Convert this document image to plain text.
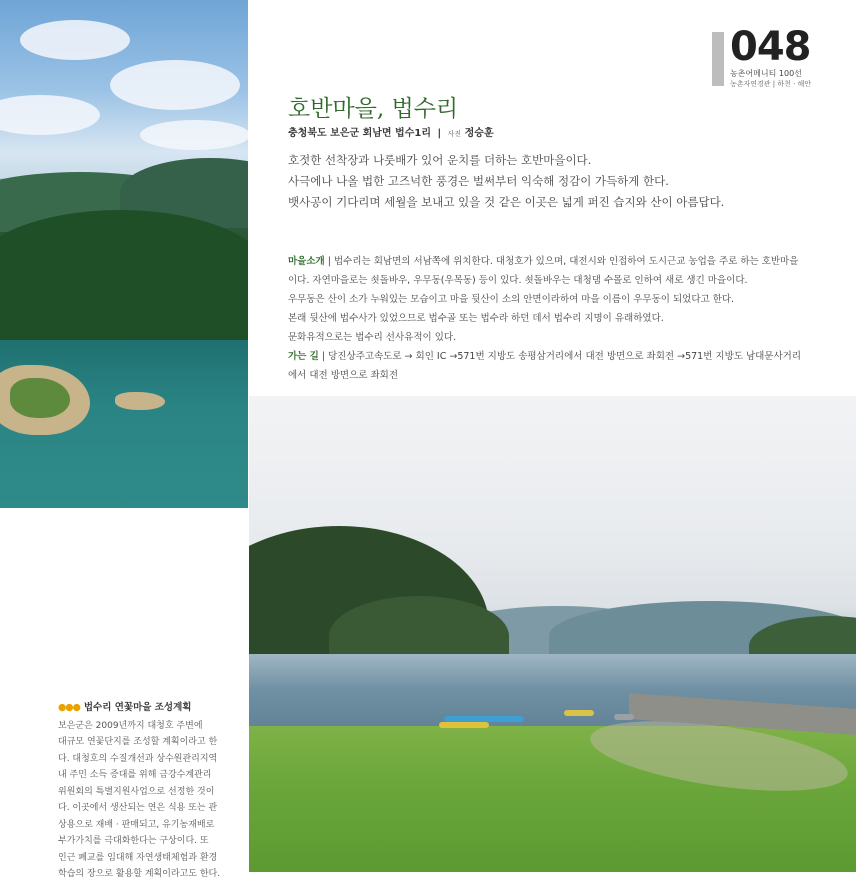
048
농촌어메니티 100선
농촌자연경관 | 하천 · 해안
호반마을, 법수리
충청북도 보은군 회남면 법수1리 | 사진 정승훈

호젓한 선착장과 나룻배가 있어 운치를 더하는 호반마을이다.

사극에나 나올 법한 고즈넉한 풍경은 벌써부터 익숙해 정감이 가득하게 한다.

뱃사공이 기다리며 세월을 보내고 있을 것 같은 이곳은 넓게 퍼진 습지와 산이 아름답다.

마을소개 | 법수리는 회남면의 서남쪽에 위치한다. 대청호가 있으며, 대전시와 인접하여 도시근교 농업을 주로 하는 호반마을

이다. 자연마을로는 쇳돌바우, 우무동(우목동) 등이 있다. 쇳돌바우는 대청댐 수몰로 인하여 새로 생긴 마을이다.

우무동은 산이 소가 누워있는 모습이고 마을 뒷산이 소의 안면이라하여 마을 이름이 우무동이 되었다고 한다.

본래 뒷산에 법수사가 있었으므로 법수골 또는 법수라 하던 데서 법수리 지명이 유래하였다.

문화유적으로는 법수리 선사유적이 있다.

가는 길 | 당진상주고속도로 → 회인 IC →571번 지방도 송평삼거리에서 대전 방면으로 좌회전 →571번 지방도 남대문사거리

에서 대전 방면으로 좌회전

●●● 법수리 연꽃마을 조성계획

보은군은 2009년까지 대청호 주변에

대규모 연꽃단지를 조성할 계획이라고 한

다. 대청호의 수질개선과 상수원관리지역

내 주민 소득 증대를 위해 금강수계관리

위원회의 특별지원사업으로 선정한 것이

다. 이곳에서 생산되는 연은 식용 또는 관

상용으로 재배 · 판매되고, 유기농재배로

부가가치를 극대화한다는 구상이다. 또

인근 폐교를 임대해 자연생태체험과 환경

학습의 장으로 활용할 계획이라고도 한다.
